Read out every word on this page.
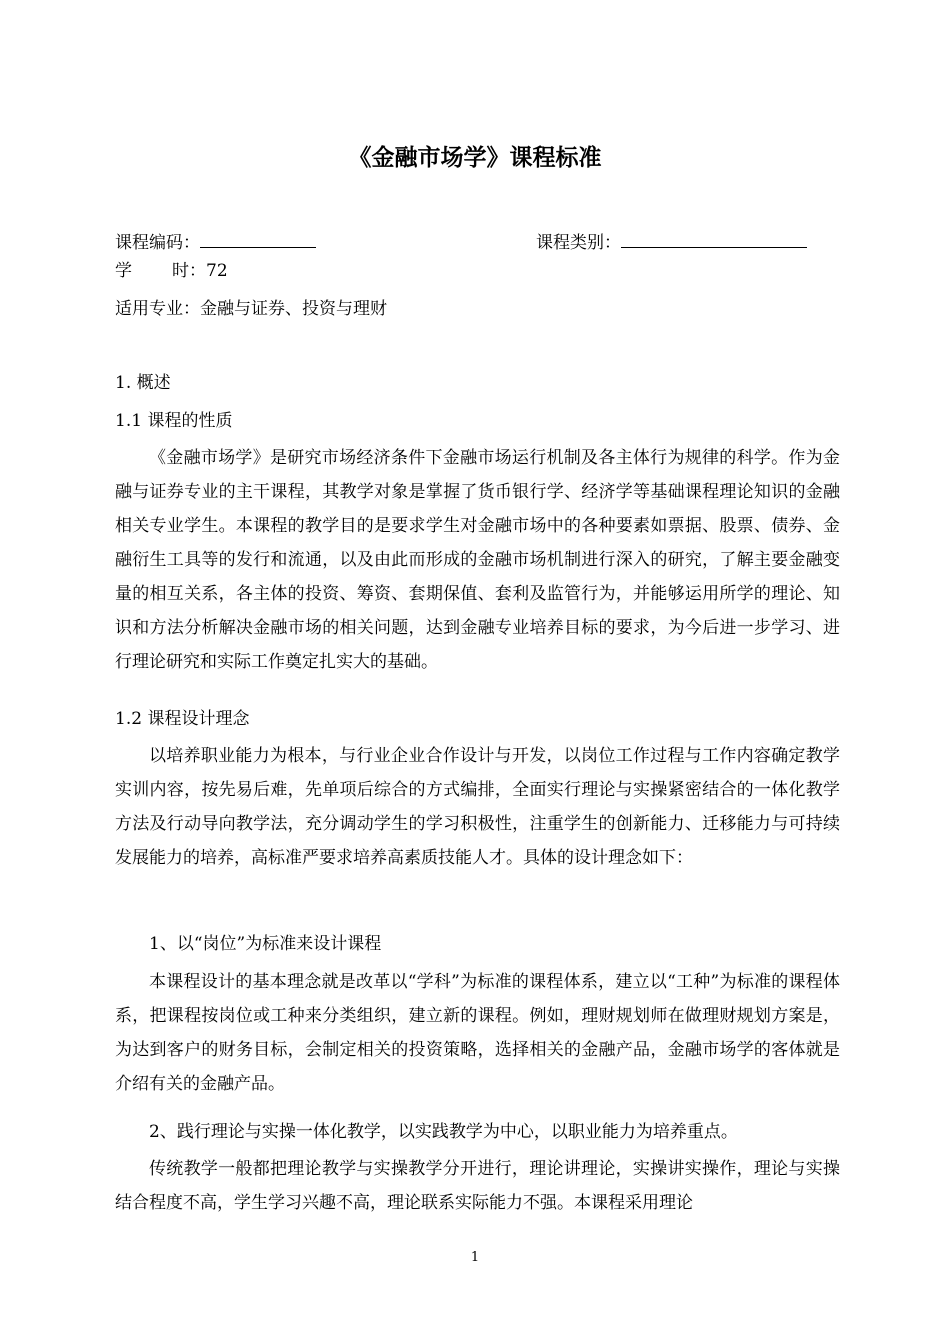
《金融市场学》课程标准
课程编码：	课程类别：
学 时：72
适用专业：金融与证券、投资与理财
1. 概述
1.1 课程的性质
《金融市场学》是研究市场经济条件下金融市场运行机制及各主体行为规律的科学。作为金融与证券专业的主干课程，其教学对象是掌握了货币银行学、经济学等基础课程理论知识的金融相关专业学生。本课程的教学目的是要求学生对金融市场中的各种要素如票据、股票、债券、金融衍生工具等的发行和流通，以及由此而形成的金融市场机制进行深入的研究，了解主要金融变量的相互关系，各主体的投资、筹资、套期保值、套利及监管行为，并能够运用所学的理论、知识和方法分析解决金融市场的相关问题，达到金融专业培养目标的要求，为今后进一步学习、进行理论研究和实际工作奠定扎实大的基础。
1.2 课程设计理念
以培养职业能力为根本，与行业企业合作设计与开发，以岗位工作过程与工作内容确定教学实训内容，按先易后难，先单项后综合的方式编排，全面实行理论与实操紧密结合的一体化教学方法及行动导向教学法，充分调动学生的学习积极性，注重学生的创新能力、迁移能力与可持续发展能力的培养，高标准严要求培养高素质技能人才。具体的设计理念如下：
1、以“岗位”为标准来设计课程
本课程设计的基本理念就是改革以“学科”为标准的课程体系，建立以“工种”为标准的课程体系，把课程按岗位或工种来分类组织，建立新的课程。例如，理财规划师在做理财规划方案是，为达到客户的财务目标，会制定相关的投资策略，选择相关的金融产品，金融市场学的客体就是介绍有关的金融产品。
2、践行理论与实操一体化教学，以实践教学为中心，以职业能力为培养重点。
传统教学一般都把理论教学与实操教学分开进行，理论讲理论，实操讲实操作，理论与实操结合程度不高，学生学习兴趣不高，理论联系实际能力不强。本课程采用理论
1
